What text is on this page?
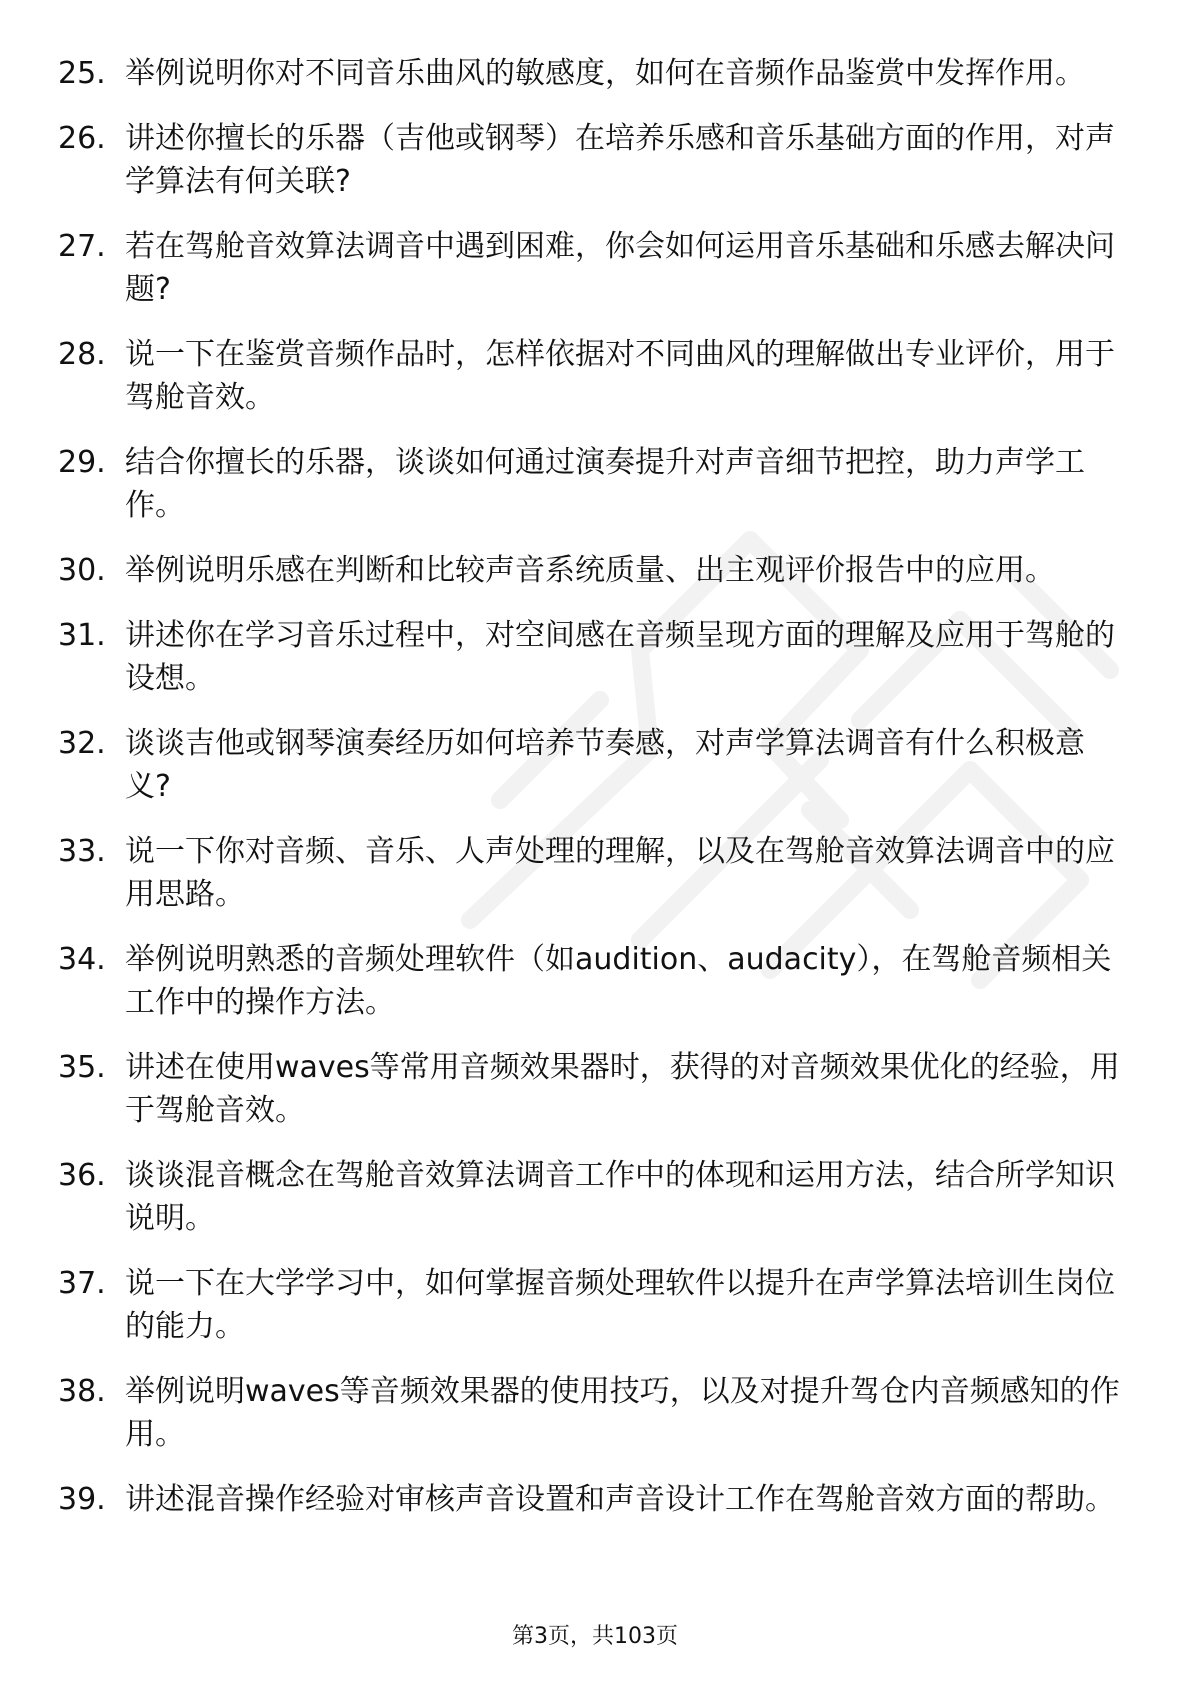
25. 举例说明你对不同音乐曲风的敏感度，如何在音频作品鉴赏中发挥作用。
26. 讲述你擅长的乐器（吉他或钢琴）在培养乐感和音乐基础方面的作用，对声学算法有何关联?
27. 若在驾舱音效算法调音中遇到困难，你会如何运用音乐基础和乐感去解决问题?
28. 说一下在鉴赏音频作品时，怎样依据对不同曲风的理解做出专业评价，用于驾舱音效。
29. 结合你擅长的乐器，谈谈如何通过演奏提升对声音细节把控，助力声学工作。
30. 举例说明乐感在判断和比较声音系统质量、出主观评价报告中的应用。
31. 讲述你在学习音乐过程中，对空间感在音频呈现方面的理解及应用于驾舱的设想。
32. 谈谈吉他或钢琴演奏经历如何培养节奏感，对声学算法调音有什么积极意义?
33. 说一下你对音频、音乐、人声处理的理解，以及在驾舱音效算法调音中的应用思路。
34. 举例说明熟悉的音频处理软件（如audition、audacity），在驾舱音频相关工作中的操作方法。
35. 讲述在使用waves等常用音频效果器时，获得的对音频效果优化的经验，用于驾舱音效。
36. 谈谈混音概念在驾舱音效算法调音工作中的体现和运用方法，结合所学知识说明。
37. 说一下在大学学习中，如何掌握音频处理软件以提升在声学算法培训生岗位的能力。
38. 举例说明waves等音频效果器的使用技巧，以及对提升驾仓内音频感知的作用。
39. 讲述混音操作经验对审核声音设置和声音设计工作在驾舱音效方面的帮助。
第3页，共103页
